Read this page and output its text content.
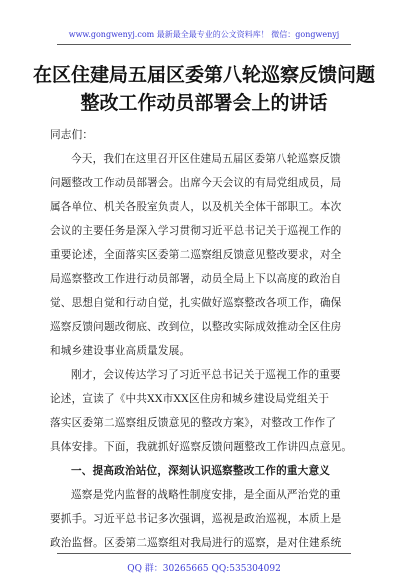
www.gongwenyj.com 最新最全最专业的公文资料库！ 微信：gongwenyj
在区住建局五届区委第八轮巡察反馈问题
整改工作动员部署会上的讲话
同志们：
今天，我们在这里召开区住建局五届区委第八轮巡察反馈
问题整改工作动员部署会。出席今天会议的有局党组成员，局
属各单位、机关各股室负责人，以及机关全体干部职工。本次
会议的主要任务是深入学习贯彻习近平总书记关于巡视工作的
重要论述，全面落实区委第二巡察组反馈意见整改要求，对全
局巡察整改工作进行动员部署，动员全局上下以高度的政治自
觉、思想自觉和行动自觉，扎实做好巡察整改各项工作，确保
巡察反馈问题改彻底、改到位，以整改实际成效推动全区住房
和城乡建设事业高质量发展。
刚才，会议传达学习了习近平总书记关于巡视工作的重要
论述，宣读了《中共XX市XX区住房和城乡建设局党组关于
落实区委第二巡察组反馈意见的整改方案》，对整改工作作了
具体安排。下面，我就抓好巡察反馈问题整改工作讲四点意见。
一、提高政治站位，深刻认识巡察整改工作的重大意义
巡察是党内监督的战略性制度安排，是全面从严治党的重
要抓手。习近平总书记多次强调，巡视是政治巡视，本质上是
政治监督。区委第二巡察组对我局进行的巡察，是对住建系统
QQ 群：30265665 QQ:535304092
